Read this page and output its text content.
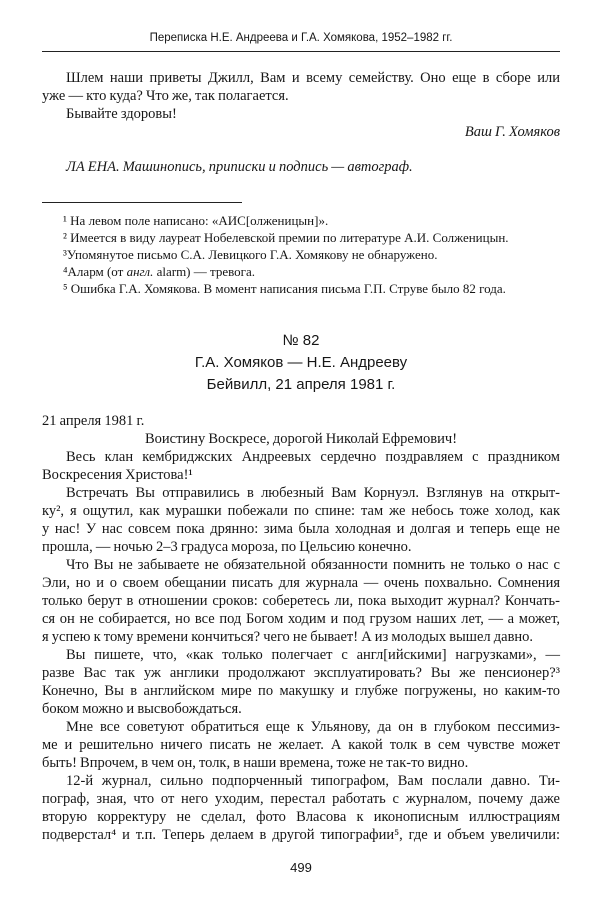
Переписка Н.Е. Андреева и Г.А. Хомякова, 1952–1982 гг.
Шлем наши приветы Джилл, Вам и всему семейству. Оно еще в сборе или
уже — кто куда? Что же, так полагается.
Бывайте здоровы!
Ваш Г. Хомяков
ЛА ЕНА. Машинопись, приписки и подпись — автограф.
¹ На левом поле написано: «АИС[олженицын]».
² Имеется в виду лауреат Нобелевской премии по литературе А.И. Солженицын.
³Упомянутое письмо С.А. Левицкого Г.А. Хомякову не обнаружено.
⁴Аларм (от англ. alarm) — тревога.
⁵ Ошибка Г.А. Хомякова. В момент написания письма Г.П. Струве было 82 года.
№ 82
Г.А. Хомяков — Н.Е. Андрееву
Бейвилл, 21 апреля 1981 г.
21 апреля 1981 г.
Воистину Воскресе, дорогой Николай Ефремович!
Весь клан кембриджских Андреевых сердечно поздравляем с праздником
Воскресения Христова!¹
Встречать Вы отправились в любезный Вам Корнуэл. Взглянув на открыт-
ку², я ощутил, как мурашки побежали по спине: там же небось тоже холод, как
у нас! У нас совсем пока дрянно: зима была холодная и долгая и теперь еще не
прошла, — ночью 2–3 градуса мороза, по Цельсию конечно.
Что Вы не забываете не обязательной обязанности помнить не только о нас с
Эли, но и о своем обещании писать для журнала — очень похвально. Сомнения
только берут в отношении сроков: соберетесь ли, пока выходит журнал? Кончать-
ся он не собирается, но все под Богом ходим и под грузом наших лет, — а может,
я успею к тому времени кончиться? чего не бывает! А из молодых вышел давно.
Вы пишете, что, «как только полегчает с англ[ийскими] нагрузками», —
разве Вас так уж англики продолжают эксплуатировать? Вы же пенсионер?³
Конечно, Вы в английском мире по макушку и глубже погружены, но каким-то
боком можно и высвобождаться.
Мне все советуют обратиться еще к Ульянову, да он в глубоком пессимиз-
ме и решительно ничего писать не желает. А какой толк в сем чувстве может
быть! Впрочем, в чем он, толк, в наши времена, тоже не так-то видно.
12-й журнал, сильно подпорченный типографом, Вам послали давно. Ти-
пограф, зная, что от него уходим, перестал работать с журналом, почему даже
вторую корректуру не сделал, фото Власова к иконописным иллюстрациям
подверстал⁴ и т.п. Теперь делаем в другой типографии⁵, где и объем увеличили:
499
